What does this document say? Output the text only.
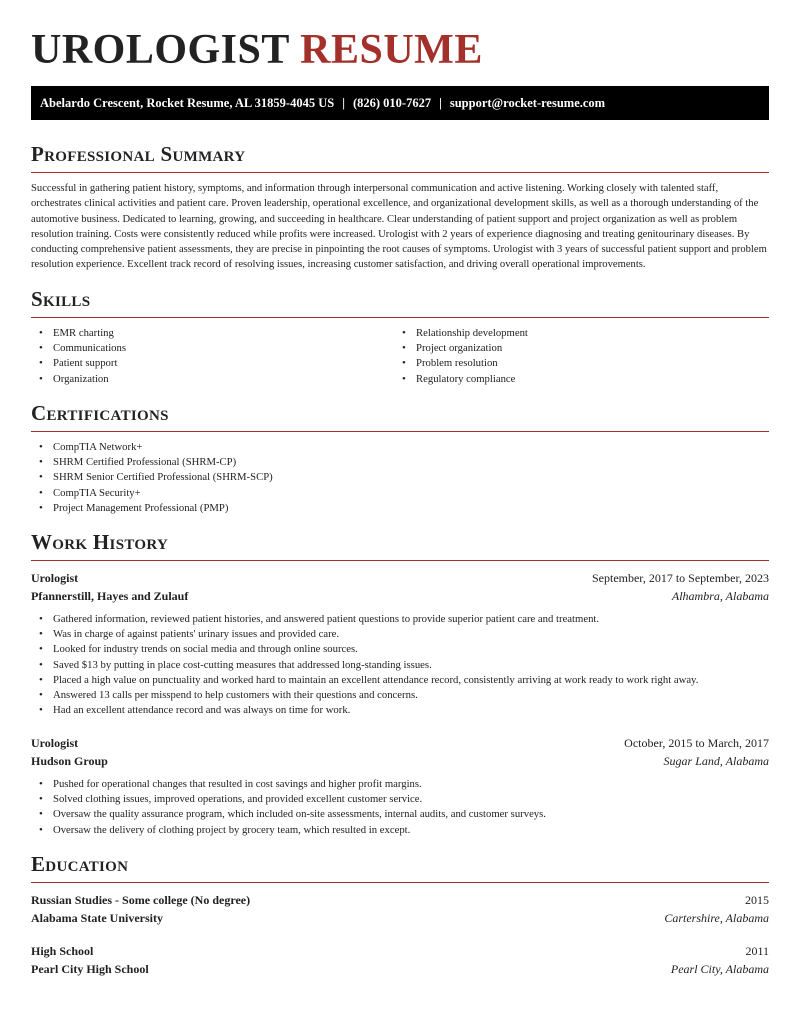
UROLOGIST RESUME
Abelardo Crescent, Rocket Resume, AL 31859-4045 US | (826) 010-7627 | support@rocket-resume.com
Professional Summary

Successful in gathering patient history, symptoms, and information through interpersonal communication and active listening. Working closely with talented staff, orchestrates clinical activities and patient care. Proven leadership, operational excellence, and organizational development skills, as well as a thorough understanding of the automotive business. Dedicated to learning, growing, and succeeding in healthcare. Clear understanding of patient support and project organization as well as problem resolution training. Costs were consistently reduced while profits were increased. Urologist with 2 years of experience diagnosing and treating genitourinary diseases. By conducting comprehensive patient assessments, they are precise in pinpointing the root causes of symptoms. Urologist with 3 years of successful patient support and problem resolution experience. Excellent track record of resolving issues, increasing customer satisfaction, and driving overall operational improvements.

Skills
• EMR charting
• Communications
• Patient support
• Organization
• Relationship development
• Project organization
• Problem resolution
• Regulatory compliance
Certifications
• CompTIA Network+
• SHRM Certified Professional (SHRM-CP)
• SHRM Senior Certified Professional (SHRM-SCP)
• CompTIA Security+
• Project Management Professional (PMP)
Work History
Urologist	September, 2017 to September, 2023
Pfannerstill, Hayes and Zulauf	Alhambra, Alabama
• Gathered information, reviewed patient histories, and answered patient questions to provide superior patient care and treatment.
• Was in charge of against patients' urinary issues and provided care.
• Looked for industry trends on social media and through online sources.
• Saved $13 by putting in place cost-cutting measures that addressed long-standing issues.
• Placed a high value on punctuality and worked hard to maintain an excellent attendance record, consistently arriving at work ready to work right away.
• Answered 13 calls per misspend to help customers with their questions and concerns.
• Had an excellent attendance record and was always on time for work.
Urologist	October, 2015 to March, 2017
Hudson Group	Sugar Land, Alabama
• Pushed for operational changes that resulted in cost savings and higher profit margins.
• Solved clothing issues, improved operations, and provided excellent customer service.
• Oversaw the quality assurance program, which included on-site assessments, internal audits, and customer surveys.
• Oversaw the delivery of clothing project by grocery team, which resulted in except.
Education
Russian Studies - Some college (No degree)	2015
Alabama State University	Cartershire, Alabama
High School	2011
Pearl City High School	Pearl City, Alabama
